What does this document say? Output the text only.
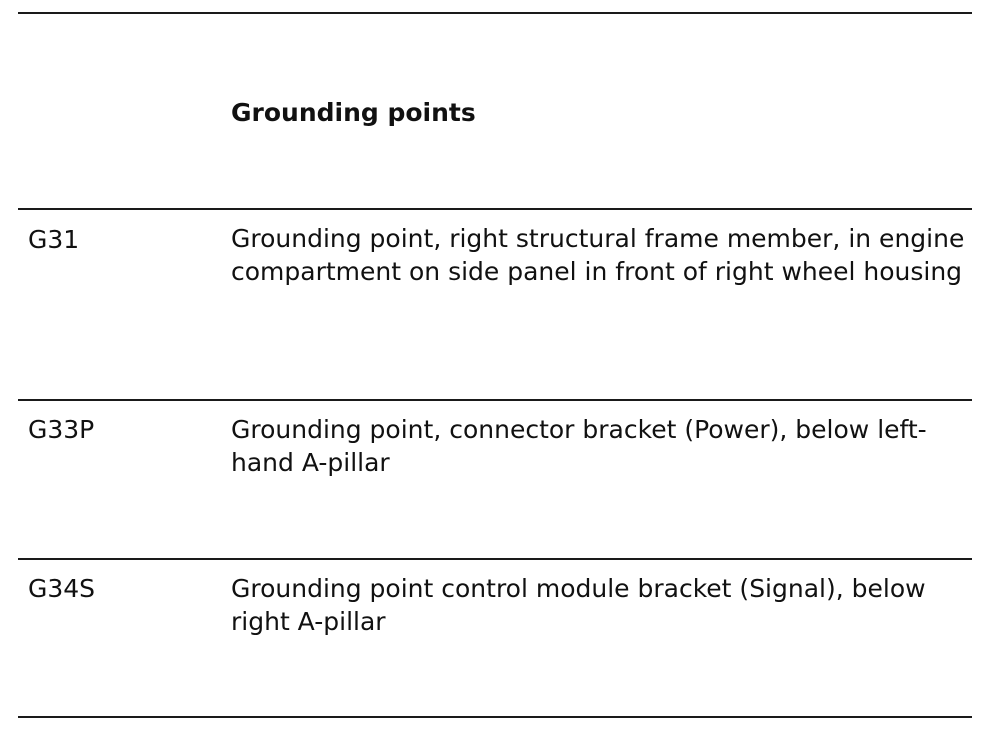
Grounding points
G31	Grounding point, right structural frame member, in engine compartment on side panel in front of right wheel housing
G33P	Grounding point, connector bracket (Power), below left-hand A-pillar
G34S	Grounding point control module bracket (Signal), below right A-pillar
